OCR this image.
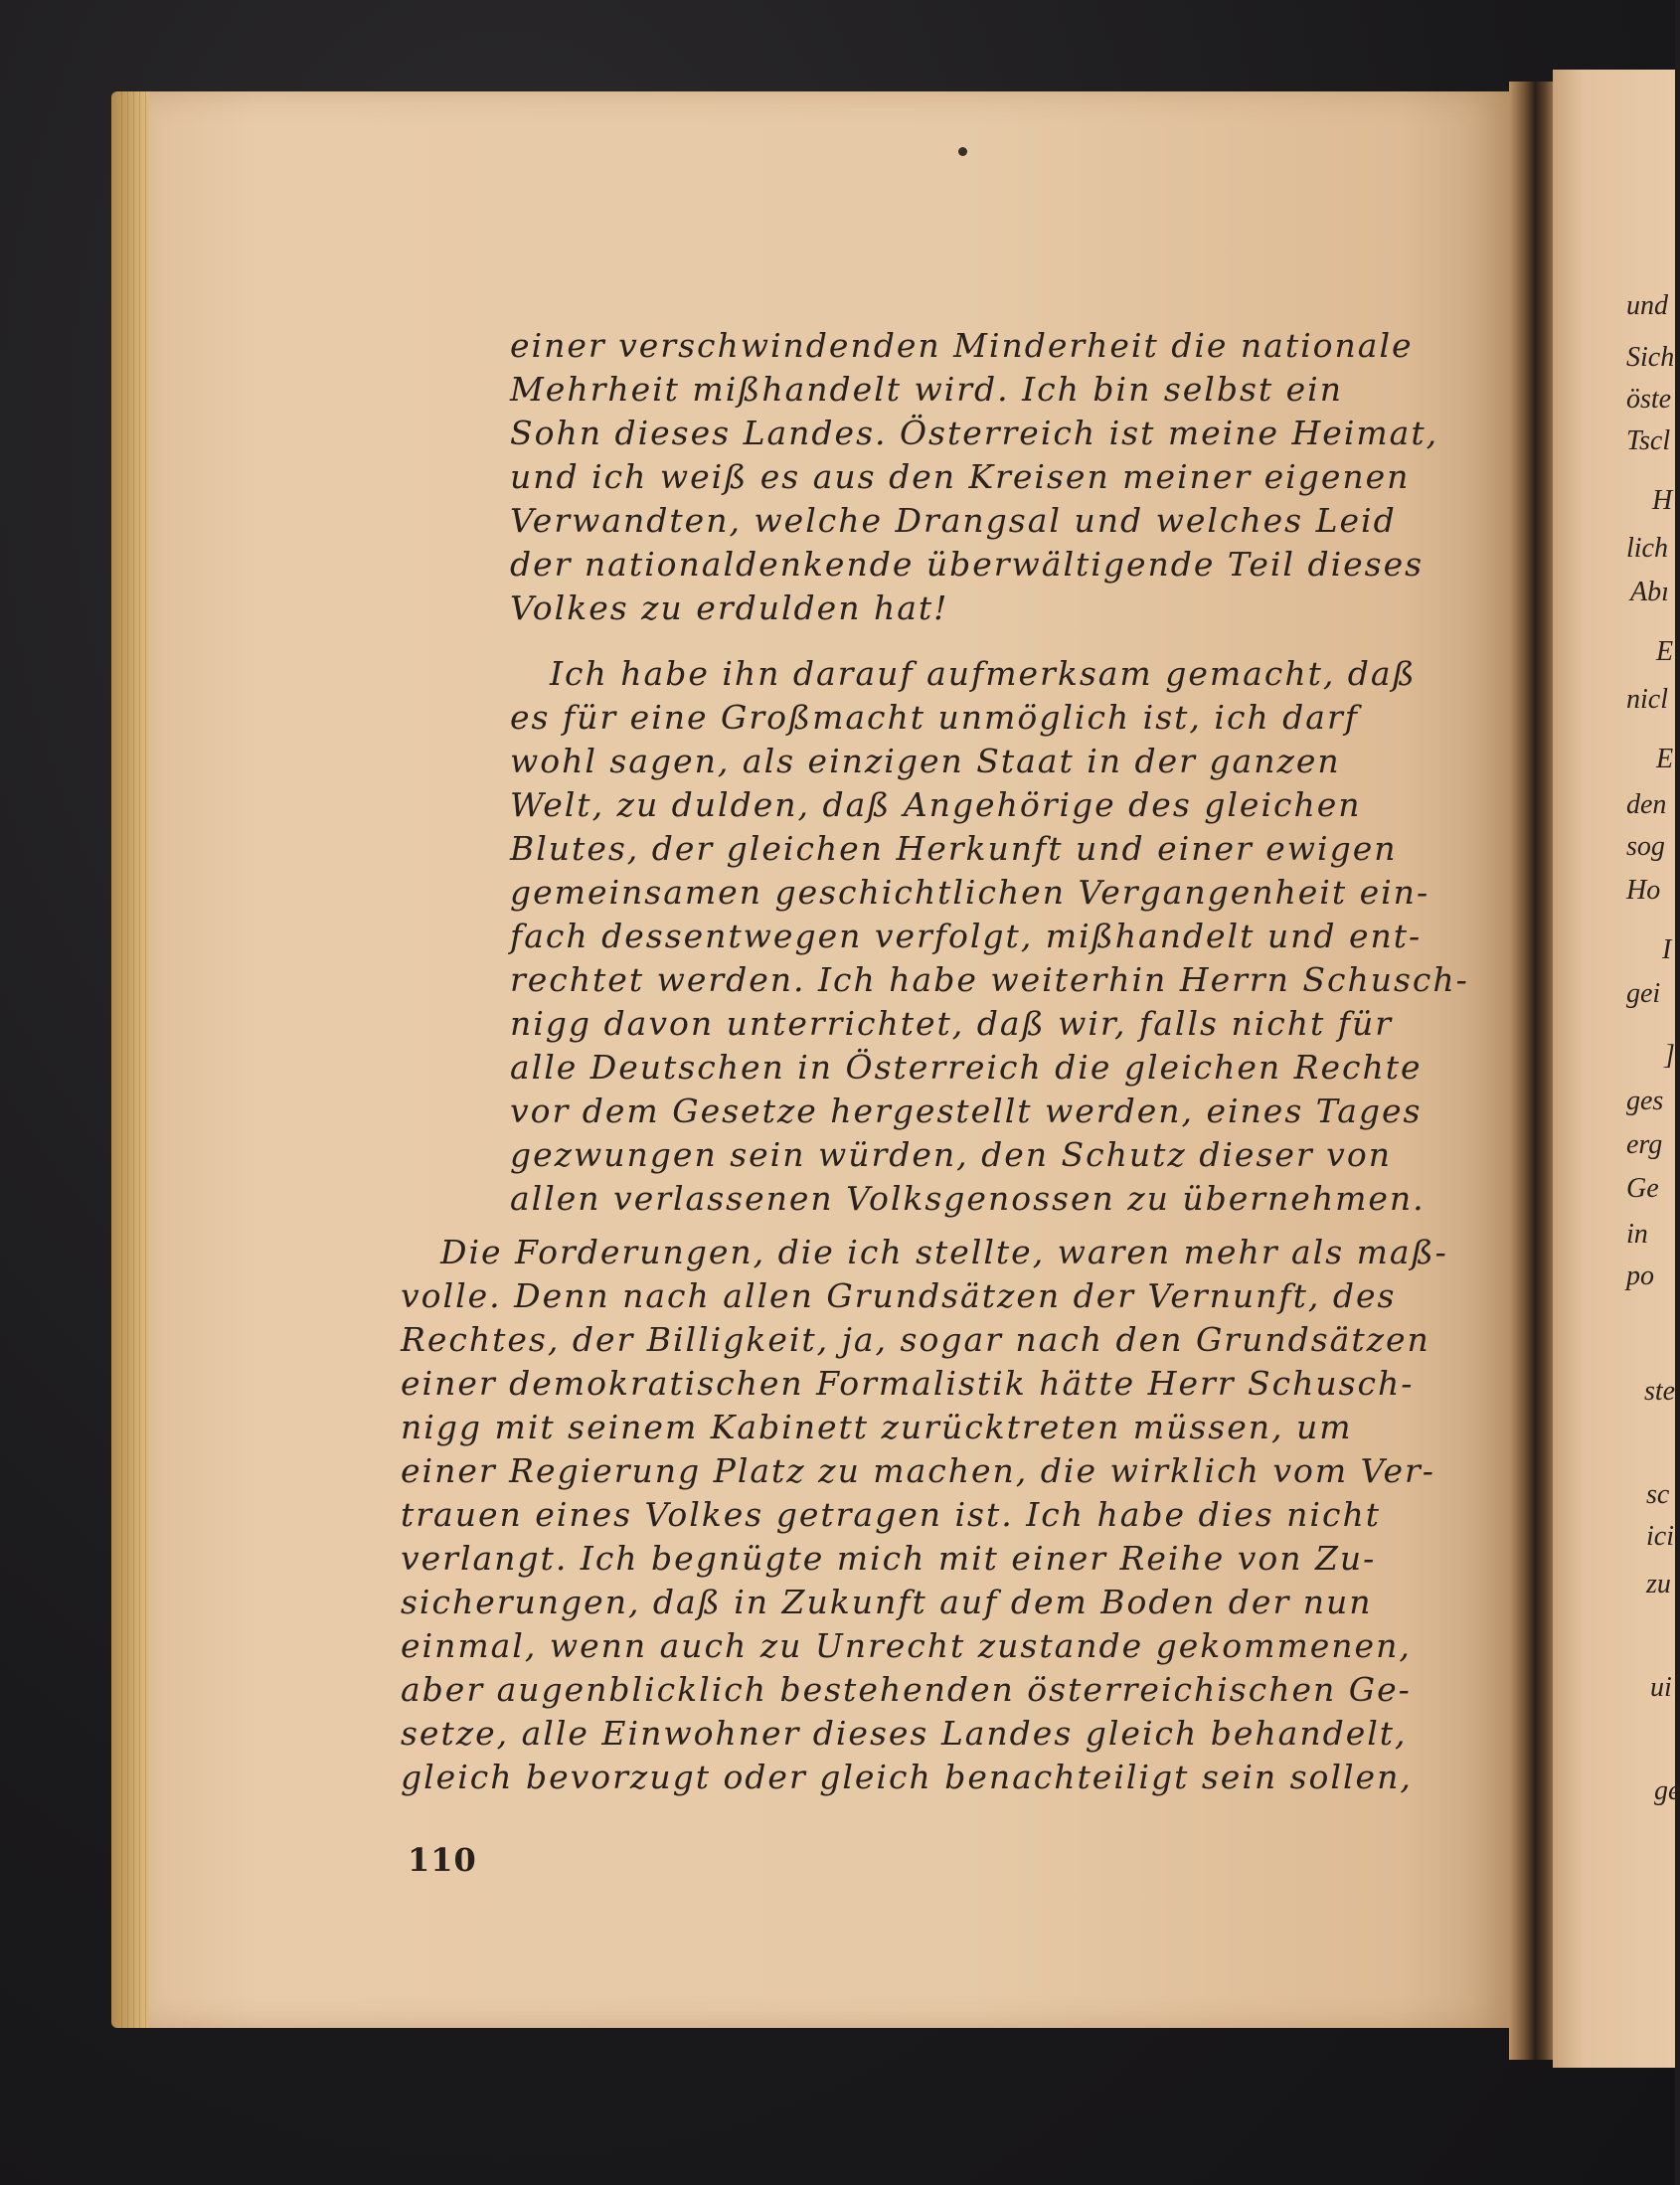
einer verschwindenden Minderheit die nationale
Mehrheit mißhandelt wird. Ich bin selbst ein
Sohn dieses Landes. Österreich ist meine Heimat,
und ich weiß es aus den Kreisen meiner eigenen
Verwandten, welche Drangsal und welches Leid
der nationaldenkende überwältigende Teil dieses
Volkes zu erdulden hat!
Ich habe ihn darauf aufmerksam gemacht, daß
es für eine Großmacht unmöglich ist, ich darf
wohl sagen, als einzigen Staat in der ganzen
Welt, zu dulden, daß Angehörige des gleichen
Blutes, der gleichen Herkunft und einer ewigen
gemeinsamen geschichtlichen Vergangenheit ein-
fach dessentwegen verfolgt, mißhandelt und ent-
rechtet werden. Ich habe weiterhin Herrn Schusch-
nigg davon unterrichtet, daß wir, falls nicht für
alle Deutschen in Österreich die gleichen Rechte
vor dem Gesetze hergestellt werden, eines Tages
gezwungen sein würden, den Schutz dieser von
allen verlassenen Volksgenossen zu übernehmen.
Die Forderungen, die ich stellte, waren mehr als maß-
volle. Denn nach allen Grundsätzen der Vernunft, des
Rechtes, der Billigkeit, ja, sogar nach den Grundsätzen
einer demokratischen Formalistik hätte Herr Schusch-
nigg mit seinem Kabinett zurücktreten müssen, um
einer Regierung Platz zu machen, die wirklich vom Ver-
trauen eines Volkes getragen ist. Ich habe dies nicht
verlangt. Ich begnügte mich mit einer Reihe von Zu-
sicherungen, daß in Zukunft auf dem Boden der nun
einmal, wenn auch zu Unrecht zustande gekommenen,
aber augenblicklich bestehenden österreichischen Ge-
setze, alle Einwohner dieses Landes gleich behandelt,
gleich bevorzugt oder gleich benachteiligt sein sollen,
110
und
Sich
öste
Tscl
H
lich
Abı
E
nicl
E
den
sog
Ho
I
gei
]
ges
erg
Ge
in
po
ste
sc
ici
zu
ui
ge
